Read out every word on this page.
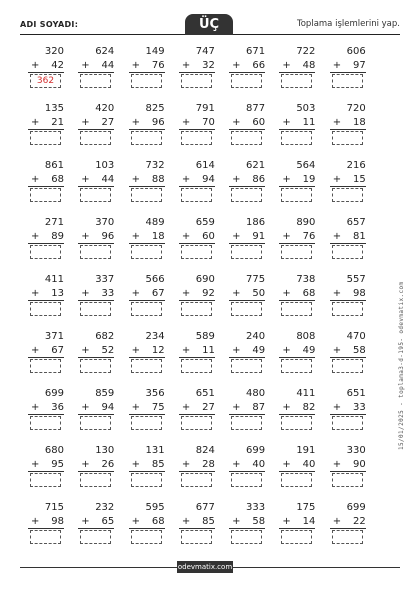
ADI SOYADI:	ÜÇ	Toplama işlemlerini yap.
320
+ 42
362
624
+ 44
149
+ 76
747
+ 32
671
+ 66
722
+ 48
606
+ 97
135
+ 21
420
+ 27
825
+ 96
791
+ 70
877
+ 60
503
+ 11
720
+ 18
861
+ 68
103
+ 44
732
+ 88
614
+ 94
621
+ 86
564
+ 19
216
+ 15
271
+ 89
370
+ 96
489
+ 18
659
+ 60
186
+ 91
890
+ 76
657
+ 81
411
+ 13
337
+ 33
566
+ 67
690
+ 92
775
+ 50
738
+ 68
557
+ 98
371
+ 67
682
+ 52
234
+ 12
589
+ 11
240
+ 49
808
+ 49
470
+ 58
699
+ 36
859
+ 94
356
+ 75
651
+ 27
480
+ 87
411
+ 82
651
+ 33
680
+ 95
130
+ 26
131
+ 85
824
+ 28
699
+ 40
191
+ 40
330
+ 90
715
+ 98
232
+ 65
595
+ 68
677
+ 85
333
+ 58
175
+ 14
699
+ 22
15/01/2025 - toplama3-d-195- odevmatix.com
odevmatix.com
